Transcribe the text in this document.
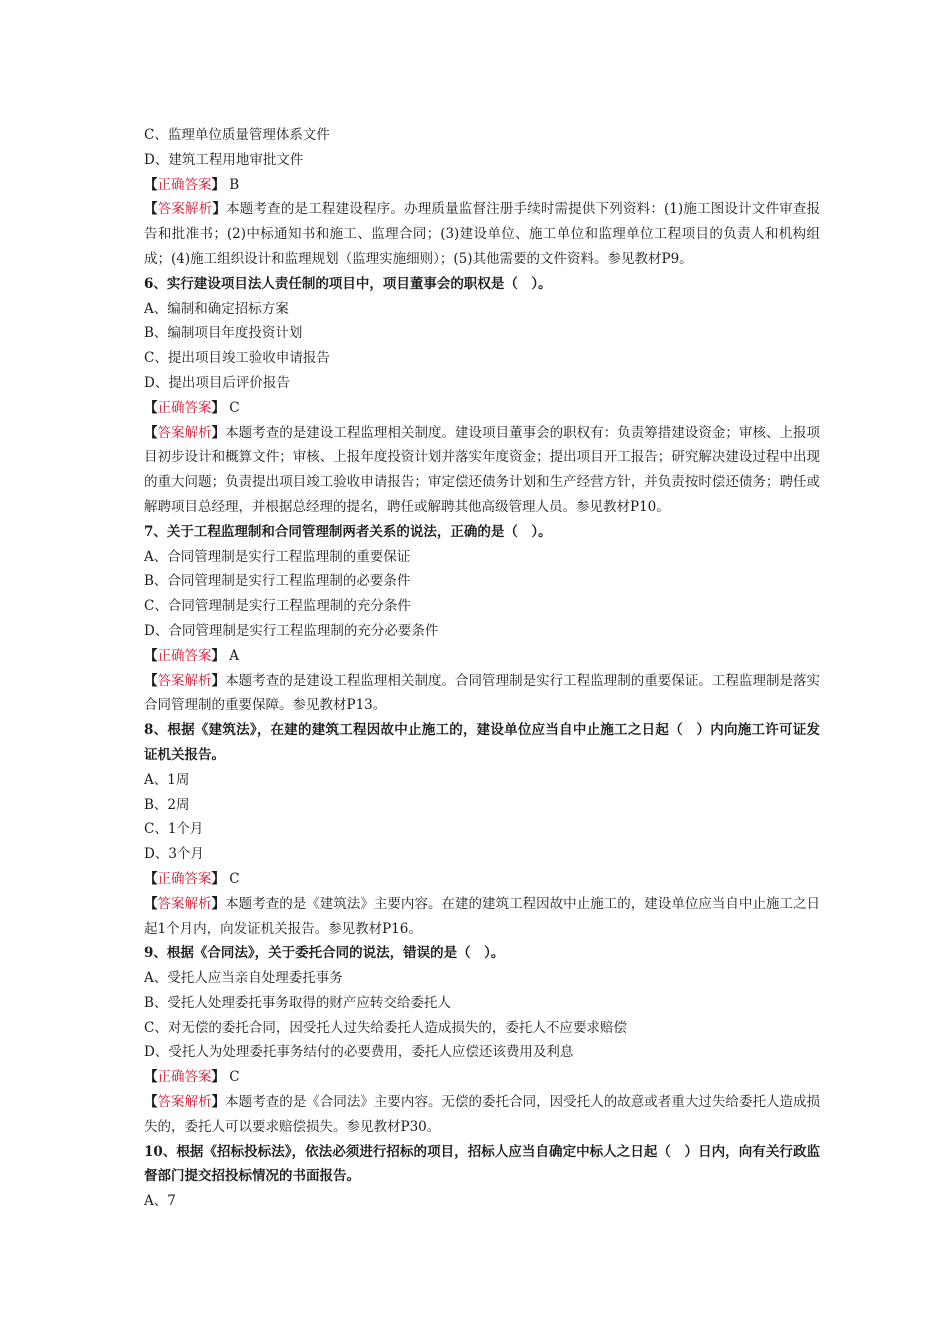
C、监理单位质量管理体系文件
D、建筑工程用地审批文件
【正确答案】 B
【答案解析】本题考查的是工程建设程序。办理质量监督注册手续时需提供下列资料：(1)施工图设计文件审查报告和批准书；(2)中标通知书和施工、监理合同；(3)建设单位、施工单位和监理单位工程项目的负责人和机构组成；(4)施工组织设计和监理规划（监理实施细则）；(5)其他需要的文件资料。参见教材P9。
6、实行建设项目法人责任制的项目中，项目董事会的职权是（　）。
A、编制和确定招标方案
B、编制项目年度投资计划
C、提出项目竣工验收申请报告
D、提出项目后评价报告
【正确答案】 C
【答案解析】本题考查的是建设工程监理相关制度。建设项目董事会的职权有：负责筹措建设资金；审核、上报项目初步设计和概算文件；审核、上报年度投资计划并落实年度资金；提出项目开工报告；研究解决建设过程中出现的重大问题；负责提出项目竣工验收申请报告；审定偿还债务计划和生产经营方针，并负责按时偿还债务；聘任或解聘项目总经理，并根据总经理的提名，聘任或解聘其他高级管理人员。参见教材P10。
7、关于工程监理制和合同管理制两者关系的说法，正确的是（　）。
A、合同管理制是实行工程监理制的重要保证
B、合同管理制是实行工程监理制的必要条件
C、合同管理制是实行工程监理制的充分条件
D、合同管理制是实行工程监理制的充分必要条件
【正确答案】 A
【答案解析】本题考查的是建设工程监理相关制度。合同管理制是实行工程监理制的重要保证。工程监理制是落实合同管理制的重要保障。参见教材P13。
8、根据《建筑法》，在建的建筑工程因故中止施工的，建设单位应当自中止施工之日起（　）内向施工许可证发证机关报告。
A、1周
B、2周
C、1个月
D、3个月
【正确答案】 C
【答案解析】本题考查的是《建筑法》主要内容。在建的建筑工程因故中止施工的，建设单位应当自中止施工之日起1个月内，向发证机关报告。参见教材P16。
9、根据《合同法》，关于委托合同的说法，错误的是（　）。
A、受托人应当亲自处理委托事务
B、受托人处理委托事务取得的财产应转交给委托人
C、对无偿的委托合同，因受托人过失给委托人造成损失的，委托人不应要求赔偿
D、受托人为处理委托事务结付的必要费用，委托人应偿还该费用及利息
【正确答案】 C
【答案解析】本题考查的是《合同法》主要内容。无偿的委托合同，因受托人的故意或者重大过失给委托人造成损失的，委托人可以要求赔偿损失。参见教材P30。
10、根据《招标投标法》，依法必须进行招标的项目，招标人应当自确定中标人之日起（　）日内，向有关行政监督部门提交招投标情况的书面报告。
A、7
